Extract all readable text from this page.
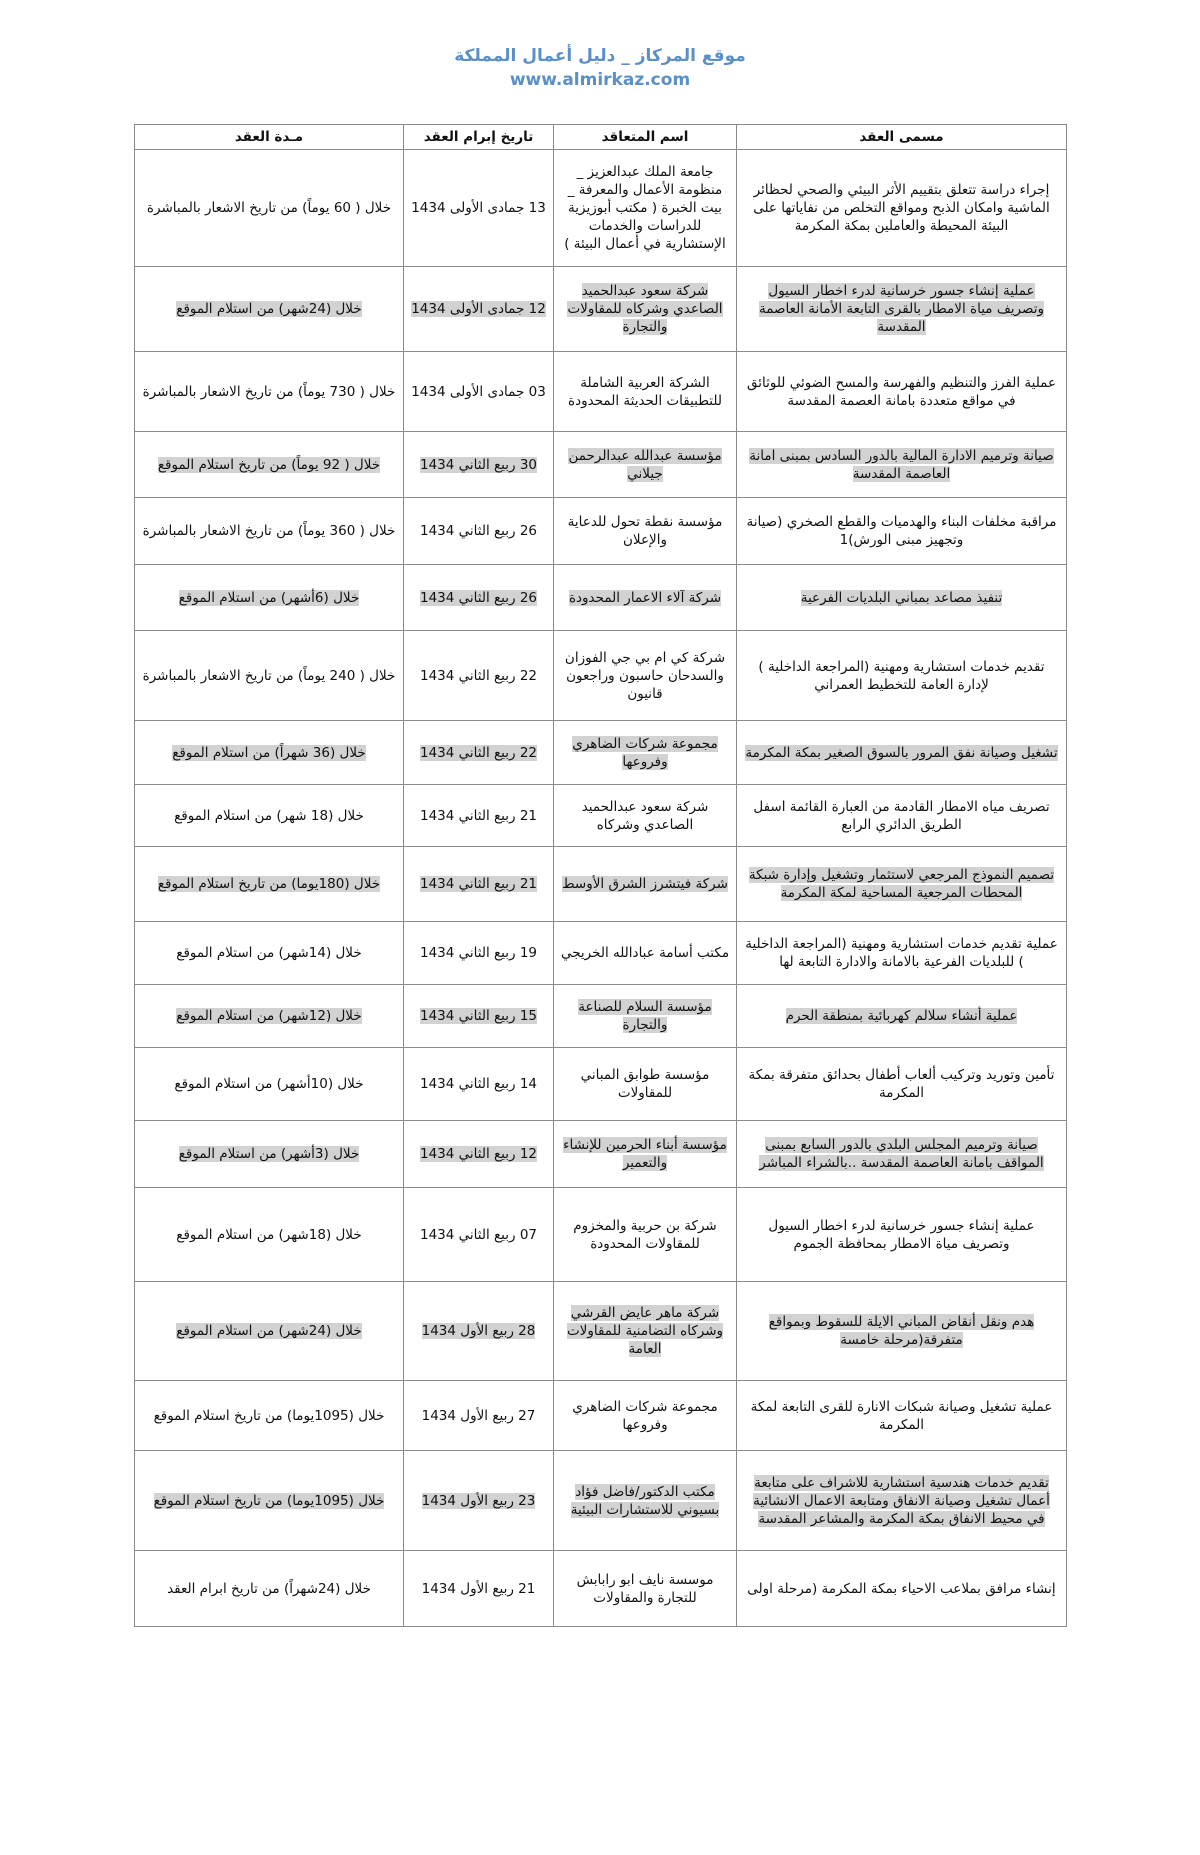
موقع المركاز _ دليل أعمال المملكة
www.almirkaz.com
مسمى العقد	اسم المتعاقد	تاريخ إبرام العقد	مـدة العقد
إجراء دراسة تتعلق بتقييم الأثر البيئي والصحي لحظائر الماشية وامكان الذبح ومواقع التخلص من نفاياتها على البيئة المحيطة والعاملين بمكة المكرمة	جامعة الملك عبدالعزيز _ منظومة الأعمال والمعرفة _ بيت الخبرة ( مكتب أبوزيزية للدراسات والخدمات الإستشارية في أعمال البيئة )	13 جمادى الأولى 1434	خلال ( 60 يوماً) من تاريخ الاشعار بالمباشرة
عملية إنشاء جسور خرسانية لدرء اخطار السيول وتصريف مياة الامطار بالقرى التابعة الأمانة العاصمة المقدسة	شركة سعود عبدالحميد الصاعدي وشركاه للمقاولات والتجارة	12 جمادى الأولى 1434	خلال (24شهر) من استلام الموقع
عملية الفرز والتنظيم والفهرسة والمسح الضوئي للوثائق في مواقع متعددة بامانة العصمة المقدسة	الشركة العربية الشاملة للتطبيقات الحديثة المحدودة	03 جمادى الأولى 1434	خلال ( 730 يوماً) من تاريخ الاشعار بالمباشرة
صيانة وترميم الادارة المالية بالدور السادس بمبنى امانة العاصمة المقدسة	مؤسسة عبدالله عبدالرحمن جيلاني	30 ربيع الثاني 1434	خلال ( 92 يوماً) من تاريخ استلام الموقع
مراقبة مخلفات البناء والهدميات والقطع الصخري (صيانة وتجهيز مبنى الورش)1	مؤسسة نقطة تحول للدعاية والإعلان	26 ربيع الثاني 1434	خلال ( 360 يوماً) من تاريخ الاشعار بالمباشرة
تنفيذ مصاعد بمباني البلديات الفرعية	شركة آلاء الاعمار المحدودة	26 ربيع الثاني 1434	خلال (6أشهر) من استلام الموقع
تقديم خدمات استشارية ومهنية (المراجعة الداخلية ) لإدارة العامة للتخطيط العمراني	شركة كي ام بي جي الفوزان والسدحان حاسبون وراجعون قانيون	22 ربيع الثاني 1434	خلال ( 240 يوماً) من تاريخ الاشعار بالمباشرة
تشغيل وصيانة نفق المرور بالسوق الصغير بمكة المكرمة	مجموعة شركات الضاهري وفروعها	22 ربيع الثاني 1434	خلال (36 شهراً) من استلام الموقع
تصريف مياه الامطار القادمة من العبارة القائمة اسفل الطريق الدائري الرابع	شركة سعود عبدالحميد الصاعدي وشركاه	21 ربيع الثاني 1434	خلال (18 شهر) من استلام الموقع
تصميم النموذج المرجعي لاستثمار وتشغيل وإدارة شبكة المحطات المرجعية المساحية لمكة المكرمة	شركة فيتشرز الشرق الأوسط	21 ربيع الثاني 1434	خلال (180يوما) من تاريخ استلام الموقع
عملية تقديم خدمات استشارية ومهنية (المراجعة الداخلية ) للبلديات الفرعية بالامانة والادارة التابعة لها	مكتب أسامة عبادالله الخريجي	19 ربيع الثاني 1434	خلال (14شهر) من استلام الموقع
عملية أنشاء سلالم كهربائية بمنطقة الحرم	مؤسسة السلام للصناعة والتجارة	15 ربيع الثاني 1434	خلال (12شهر) من استلام الموقع
تأمين وتوريد وتركيب ألعاب أطفال بحدائق متفرقة بمكة المكرمة	مؤسسة طوابق المباني للمقاولات	14 ربيع الثاني 1434	خلال (10أشهر) من استلام الموقع
صيانة وترميم المجلس البلدي بالدور السابع بمبنى المواقف بامانة العاصمة المقدسة ..بالشراء المباشر	مؤسسة أبناء الحرمين للإنشاء والتعمير	12 ربيع الثاني 1434	خلال (3أشهر) من استلام الموقع
عملية إنشاء جسور خرسانية لدرء اخطار السيول وتصريف مياة الامطار بمحافظة الجموم	شركة بن حربية والمخزوم للمقاولات المحدودة	07 ربيع الثاني 1434	خلال (18شهر) من استلام الموقع
هدم ونقل أنقاض المباني الايلة للسقوط وبمواقع متفرقة(مرحلة خامسة	شركة ماهر عايض القرشي وشركاه التضامنية للمقاولات العامة	28 ربيع الأول 1434	خلال (24شهر) من استلام الموقع
عملية تشغيل وصيانة شبكات الانارة للقرى التابعة لمكة المكرمة	مجموعة شركات الضاهري وفروعها	27 ربيع الأول 1434	خلال (1095يوما) من تاريخ استلام الموقع
تقديم خدمات هندسية استشارية للاشراف على متابعة أعمال تشغيل وصيانة الانفاق ومتابعة الاعمال الانشائية في محيط الانفاق بمكة المكرمة والمشاعر المقدسة	مكتب الدكتور/فاضل فؤاد بسيوني للاستشارات البيئية	23 ربيع الأول 1434	خلال (1095يوما) من تاريخ استلام الموقع
إنشاء مرافق بملاعب الاحياء بمكة المكرمة (مرحلة اولى	موسسة نايف ابو رابابش للتجارة والمقاولات	21 ربيع الأول 1434	خلال (24شهراً) من تاريخ ابرام العقد
